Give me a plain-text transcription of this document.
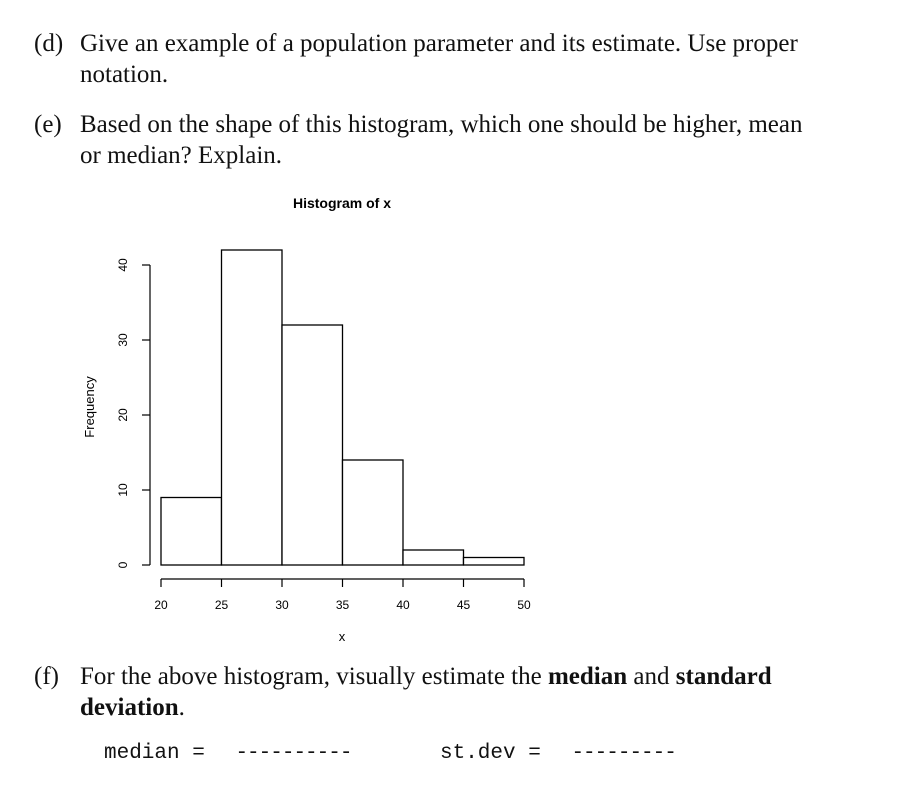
(d) Give an example of a population parameter and its estimate. Use proper notation.
(e) Based on the shape of this histogram, which one should be higher, mean or median? Explain.
Histogram of x
Frequency
x
0
10
20
30
40
20	25	30	35	40	45	50
(f) For the above histogram, visually estimate the median and standard deviation.
median = ----------	st.dev = ---------
